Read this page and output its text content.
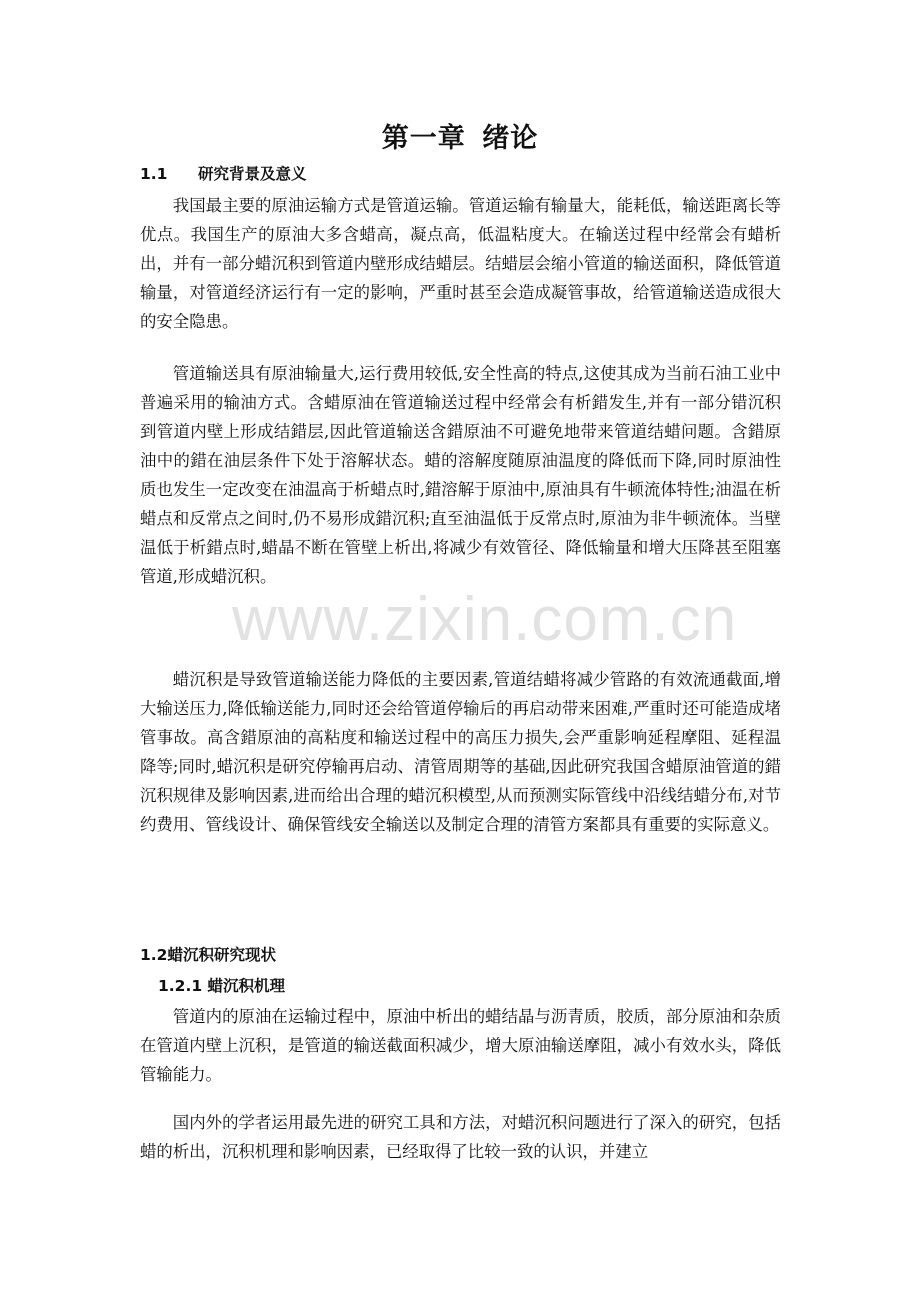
www.zixin.com.cn
第一章 绪论
1.1 研究背景及意义

我国最主要的原油运输方式是管道运输。管道运输有输量大，能耗低，输送距离长等优点。我国生产的原油大多含蜡高，凝点高，低温粘度大。在输送过程中经常会有蜡析出，并有一部分蜡沉积到管道内壁形成结蜡层。结蜡层会缩小管道的输送面积，降低管道输量，对管道经济运行有一定的影响，严重时甚至会造成凝管事故，给管道输送造成很大的安全隐患。

管道输送具有原油输量大,运行费用较低,安全性高的特点,这使其成为当前石油工业中普遍采用的输油方式。含蜡原油在管道输送过程中经常会有析錯发生,并有一部分错沉积到管道内壁上形成结錯层,因此管道输送含錯原油不可避免地带来管道结蜡问题。含錯原油中的錯在油层条件下处于溶解状态。蜡的溶解度随原油温度的降低而下降,同时原油性质也发生一定改变在油温高于析蜡点时,錯溶解于原油中,原油具有牛顿流体特性;油温在析蜡点和反常点之间时,仍不易形成錯沉积;直至油温低于反常点时,原油为非牛顿流体。当壁温低于析錯点时,蜡晶不断在管壁上析出,将减少有效管径、降低输量和增大压降甚至阻塞管道,形成蜡沉积。

蜡沉积是导致管道输送能力降低的主要因素,管道结蜡将减少管路的有效流通截面,增大输送压力,降低输送能力,同时还会给管道停输后的再启动带来困难,严重时还可能造成堵管事故。高含錯原油的高粘度和输送过程中的高压力损失,会严重影响延程摩阻、延程温降等;同时,蜡沉积是研究停输再启动、清管周期等的基础,因此研究我国含蜡原油管道的錯沉积规律及影响因素,进而给出合理的蜡沉积模型,从而预测实际管线中沿线结蜡分布,对节约费用、管线设计、确保管线安全输送以及制定合理的清管方案都具有重要的实际意义。

1.2蜡沉积研究现状
1.2.1 蜡沉积机理

管道内的原油在运输过程中，原油中析出的蜡结晶与沥青质，胶质，部分原油和杂质在管道内壁上沉积，是管道的输送截面积减少，增大原油输送摩阻，减小有效水头，降低管输能力。

国内外的学者运用最先进的研究工具和方法，对蜡沉积问题进行了深入的研究，包括蜡的析出，沉积机理和影响因素，已经取得了比较一致的认识，并建立
